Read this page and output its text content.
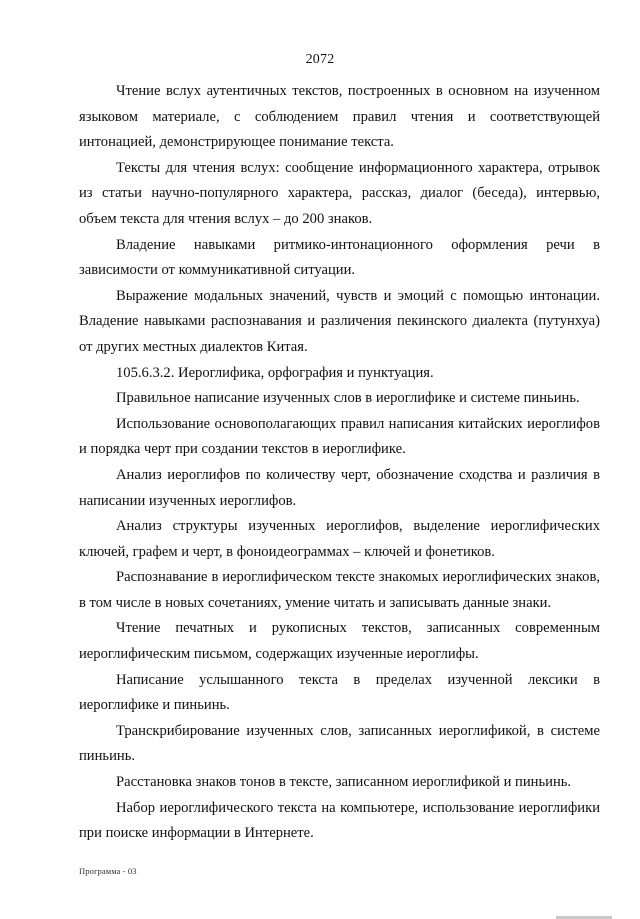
2072

Чтение вслух аутентичных текстов, построенных в основном на изученном языковом материале, с соблюдением правил чтения и соответствующей интонацией, демонстрирующее понимание текста.

Тексты для чтения вслух: сообщение информационного характера, отрывок из статьи научно-популярного характера, рассказ, диалог (беседа), интервью, объем текста для чтения вслух – до 200 знаков.

Владение навыками ритмико-интонационного оформления речи в зависимости от коммуникативной ситуации.

Выражение модальных значений, чувств и эмоций с помощью интонации. Владение навыками распознавания и различения пекинского диалекта (путунхуа) от других местных диалектов Китая.

105.6.3.2. Иероглифика, орфография и пунктуация.

Правильное написание изученных слов в иероглифике и системе пиньинь.

Использование основополагающих правил написания китайских иероглифов и порядка черт при создании текстов в иероглифике.

Анализ иероглифов по количеству черт, обозначение сходства и различия в написании изученных иероглифов.

Анализ структуры изученных иероглифов, выделение иероглифических ключей, графем и черт, в фоноидеограммах – ключей и фонетиков.

Распознавание в иероглифическом тексте знакомых иероглифических знаков, в том числе в новых сочетаниях, умение читать и записывать данные знаки.

Чтение печатных и рукописных текстов, записанных современным иероглифическим письмом, содержащих изученные иероглифы.

Написание услышанного текста в пределах изученной лексики в иероглифике и пиньинь.

Транскрибирование изученных слов, записанных иероглификой, в системе пиньинь.

Расстановка знаков тонов в тексте, записанном иероглификой и пиньинь.

Набор иероглифического текста на компьютере, использование иероглифики при поиске информации в Интернете.

Программа - 03
